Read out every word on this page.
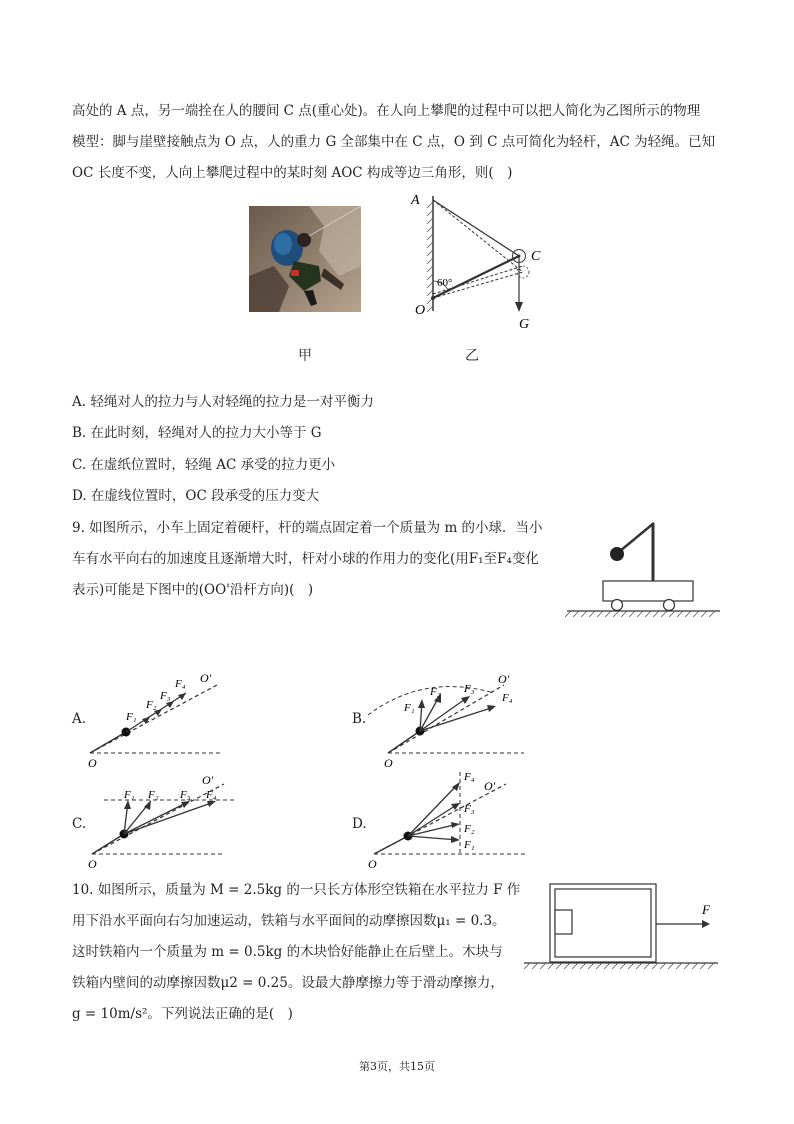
高处的 A 点，另一端拴在人的腰间 C 点(重心处)。在人向上攀爬的过程中可以把人简化为乙图所示的物理
模型：脚与崖壁接触点为 O 点，人的重力 G 全部集中在 C 点，O 到 C 点可简化为轻杆，AC 为轻绳。已知
OC 长度不变，人向上攀爬过程中的某时刻 AOC 构成等边三角形，则(　)
甲
A
C
O
G
60°
乙
A. 轻绳对人的拉力与人对轻绳的拉力是一对平衡力
B. 在此时刻，轻绳对人的拉力大小等于 G
C. 在虚纸位置时，轻绳 AC 承受的拉力更小
D. 在虚线位置时，OC 段承受的压力变大
9. 如图所示，小车上固定着硬杆，杆的端点固定着一个质量为 m 的小球．当小
车有水平向右的加速度且逐渐增大时，杆对小球的作用力的变化(用F₁至F₄变化
表示)可能是下图中的(OO'沿杆方向)(　)
A.	F₁
F₂
F₃
F₄ O'
O
B.
F₁
F₂ F₃
F₄
O'
O
C.
F₁ F₂ F₃ F₄
O'
O
D.
F₁
F₂
F₃
F₄
O'
O
10. 如图所示，质量为 M = 2.5kg 的一只长方体形空铁箱在水平拉力 F 作
用下沿水平面向右匀加速运动，铁箱与水平面间的动摩擦因数μ₁ = 0.3。
这时铁箱内一个质量为 m = 0.5kg 的木块恰好能静止在后壁上。木块与
铁箱内壁间的动摩擦因数μ2 = 0.25。设最大静摩擦力等于滑动摩擦力，
g = 10m/s²。下列说法正确的是(　)
F
第3页，共15页
